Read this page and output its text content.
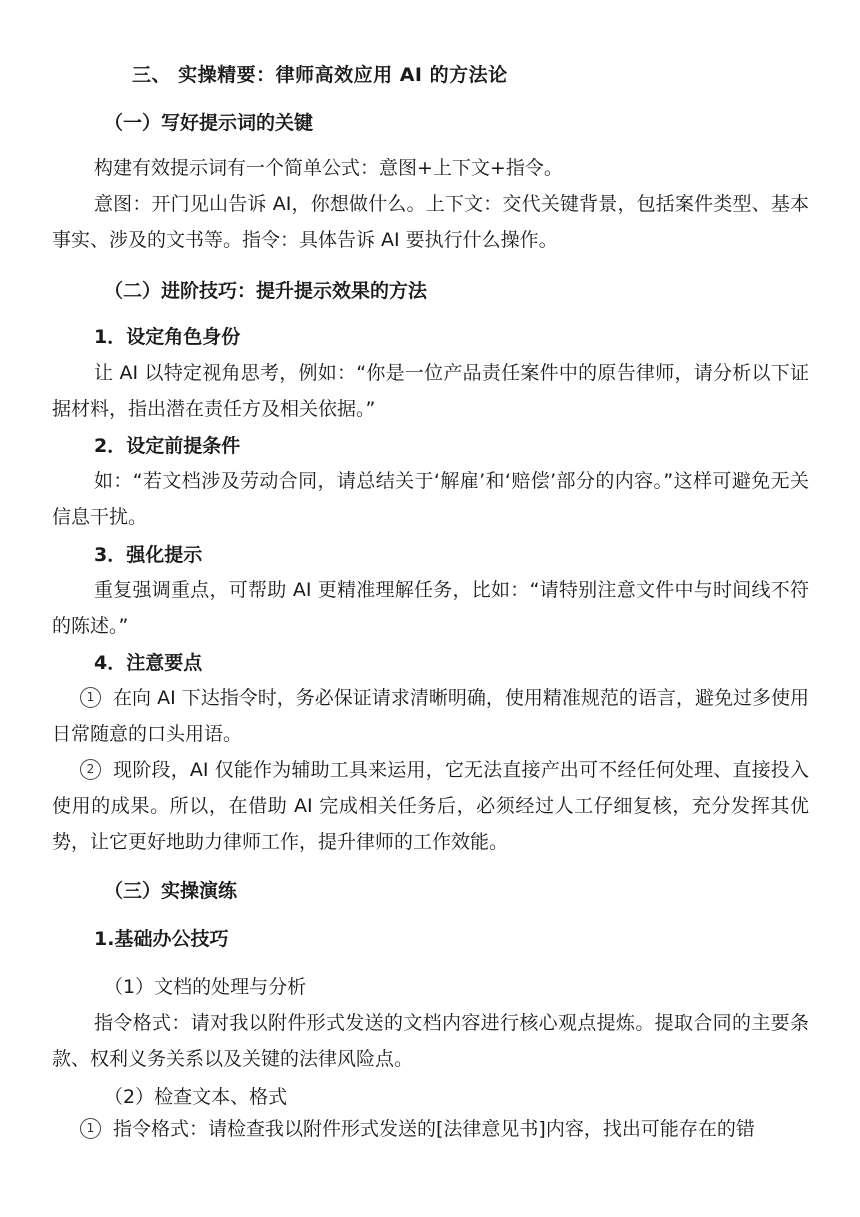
三、 实操精要：律师高效应用 AI 的方法论
（一）写好提示词的关键

构建有效提示词有一个简单公式：意图+上下文+指令。

意图：开门见山告诉 AI，你想做什么。上下文：交代关键背景，包括案件类型、基本事实、涉及的文书等。指令：具体告诉 AI 要执行什么操作。

（二）进阶技巧：提升提示效果的方法
1．设定角色身份

让 AI 以特定视角思考，例如：“你是一位产品责任案件中的原告律师，请分析以下证据材料，指出潜在责任方及相关依据。”

2．设定前提条件

如：“若文档涉及劳动合同，请总结关于‘解雇’和‘赔偿’部分的内容。”这样可避免无关信息干扰。

3．强化提示

重复强调重点，可帮助 AI 更精准理解任务，比如：“请特别注意文件中与时间线不符的陈述。”

4．注意要点

1 在向 AI 下达指令时，务必保证请求清晰明确，使用精准规范的语言，避免过多使用日常随意的口头用语。

2 现阶段，AI 仅能作为辅助工具来运用，它无法直接产出可不经任何处理、直接投入使用的成果。所以，在借助 AI 完成相关任务后，必须经过人工仔细复核，充分发挥其优势，让它更好地助力律师工作，提升律师的工作效能。

（三）实操演练
1.基础办公技巧
（1）文档的处理与分析

指令格式：请对我以附件形式发送的文档内容进行核心观点提炼。提取合同的主要条款、权利义务关系以及关键的法律风险点。

（2）检查文本、格式

1 指令格式：请检查我以附件形式发送的[法律意见书]内容，找出可能存在的错
